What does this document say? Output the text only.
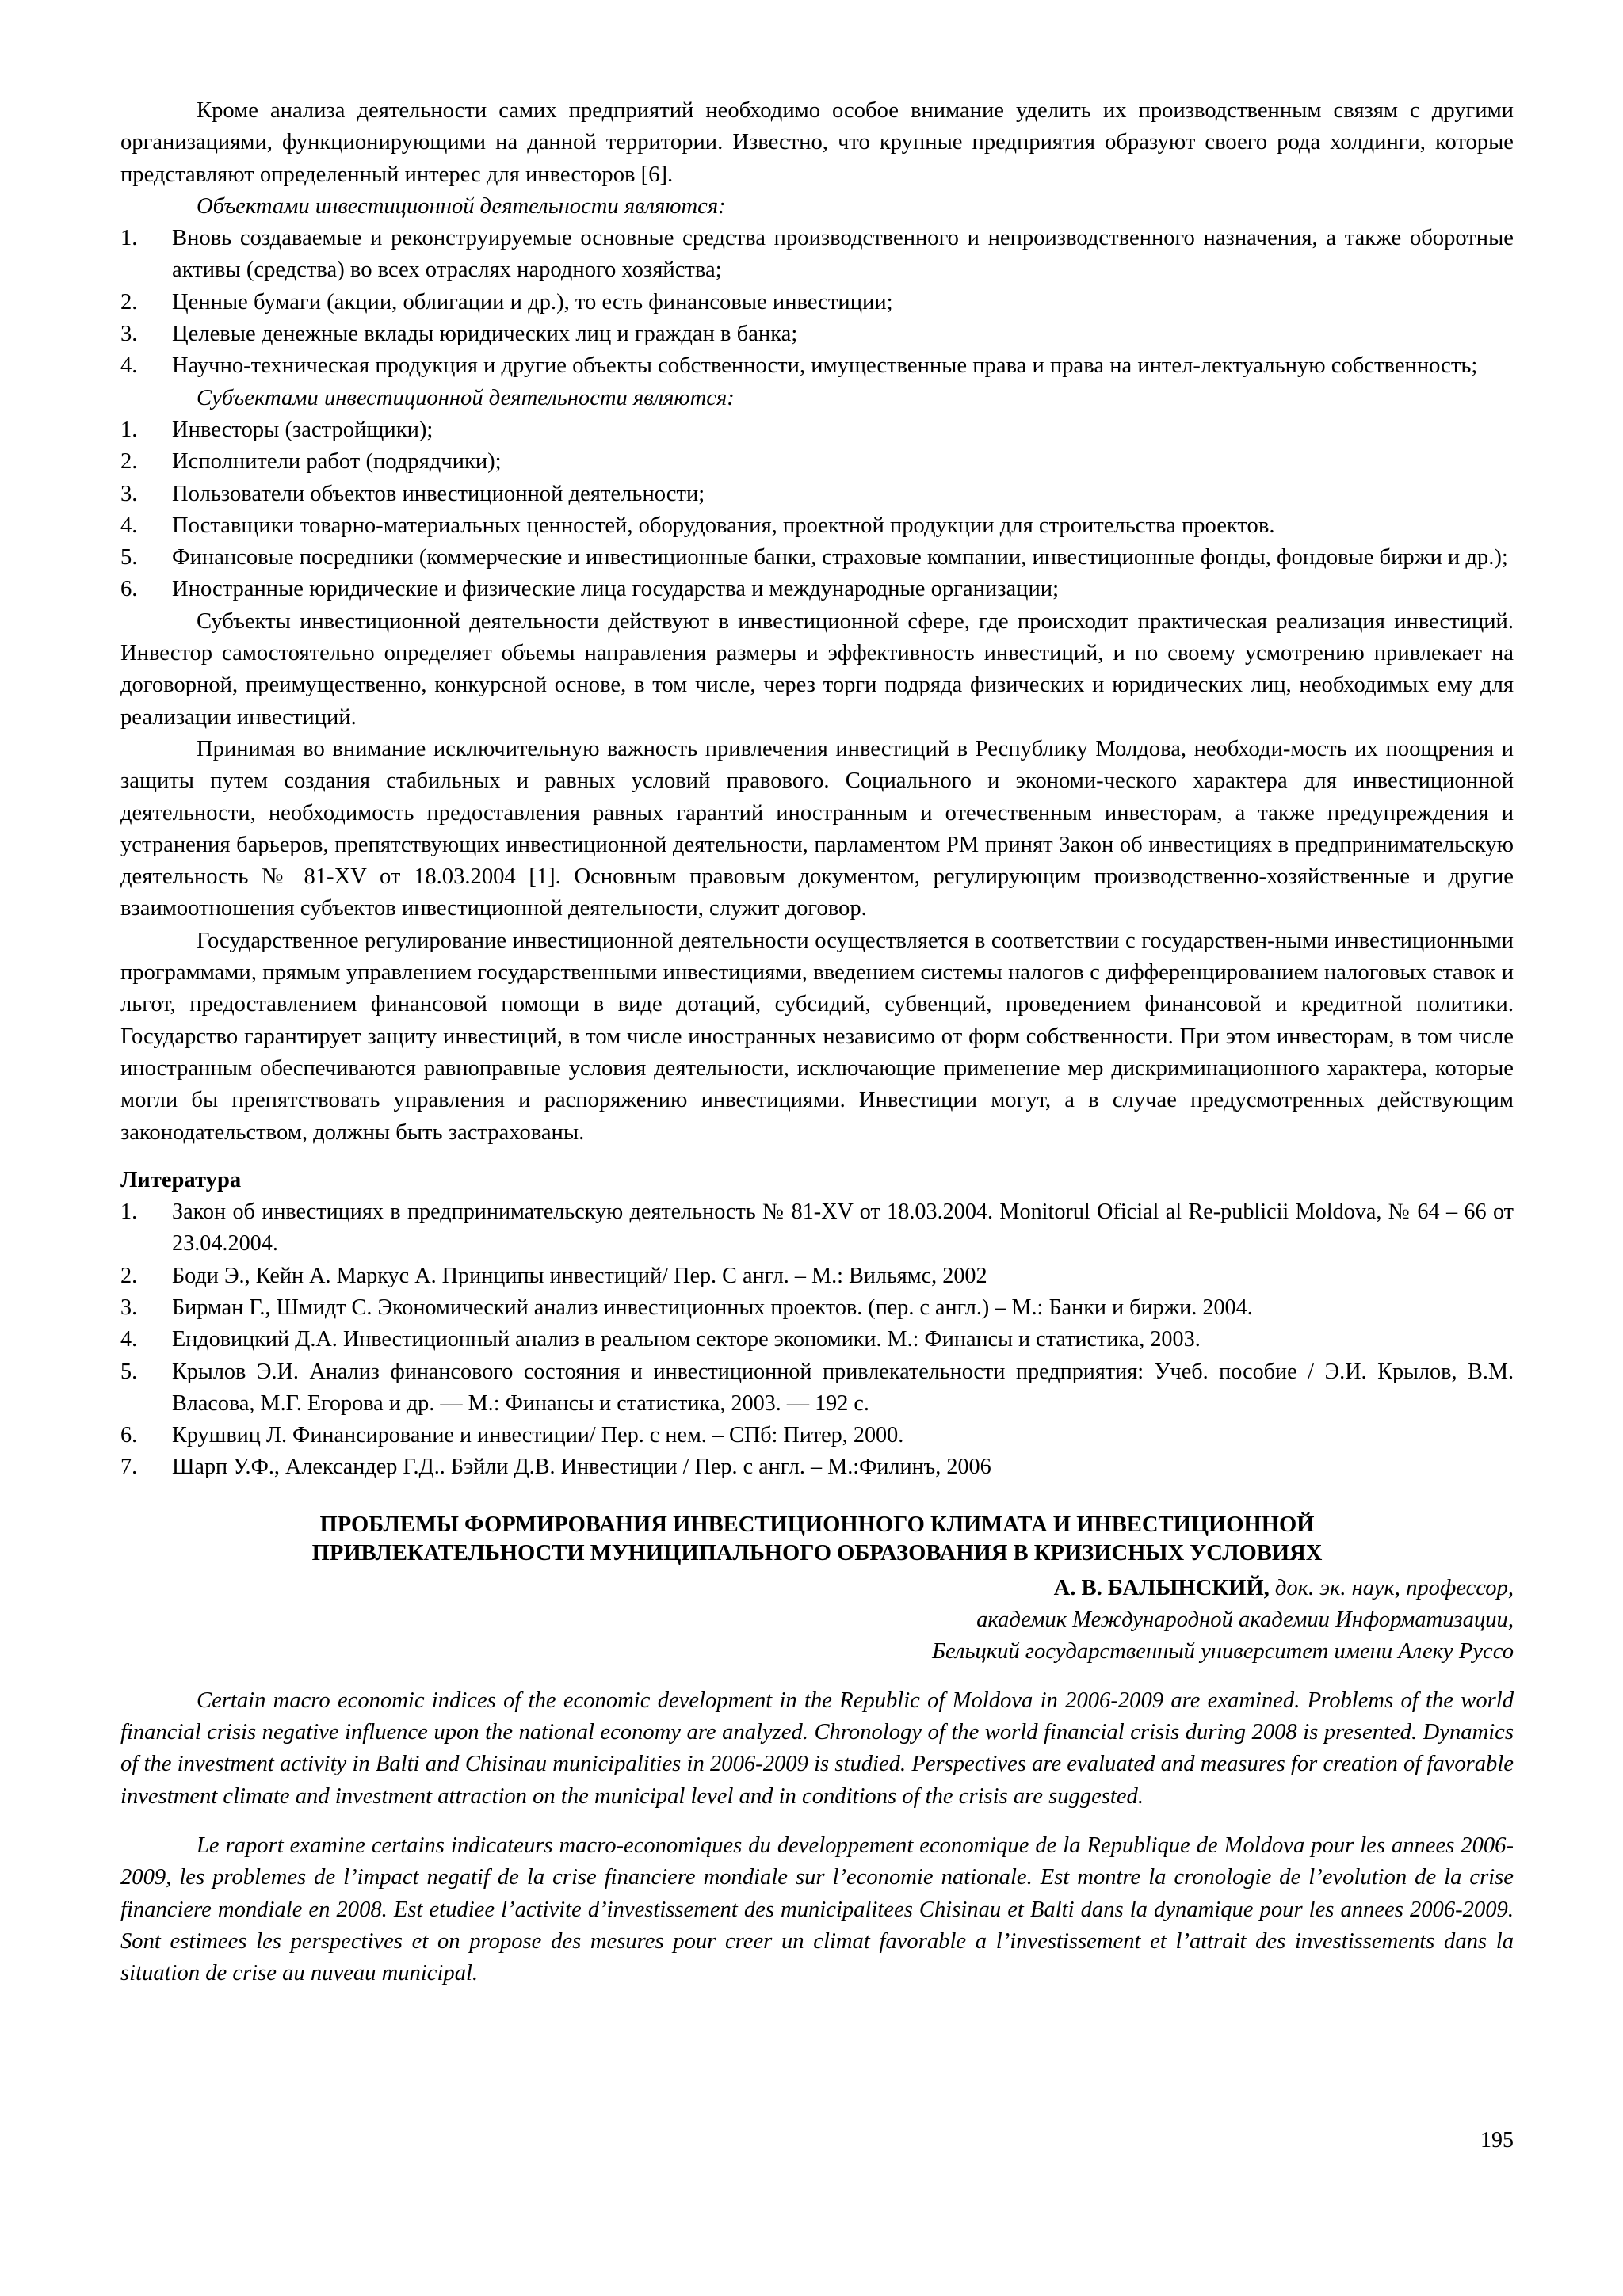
Кроме анализа деятельности самих предприятий необходимо особое внимание уделить их производственным связям с другими организациями, функционирующими на данной территории. Известно, что крупные предприятия образуют своего рода холдинги, которые представляют определенный интерес для инвесторов [6].

Объектами инвестиционной деятельности являются:
1. Вновь создаваемые и реконструируемые основные средства производственного и непроизводственного назначения, а также оборотные активы (средства) во всех отраслях народного хозяйства;
2. Ценные бумаги (акции, облигации и др.), то есть финансовые инвестиции;
3. Целевые денежные вклады юридических лиц и граждан в банка;
4. Научно-техническая продукция и другие объекты собственности, имущественные права и права на интел-лектуальную собственность;
Субъектами инвестиционной деятельности являются:
1. Инвесторы (застройщики);
2. Исполнители работ (подрядчики);
3. Пользователи объектов инвестиционной деятельности;
4. Поставщики товарно-материальных ценностей, оборудования, проектной продукции для строительства проектов.
5. Финансовые посредники (коммерческие и инвестиционные банки, страховые компании, инвестиционные фонды, фондовые биржи и др.);
6. Иностранные юридические и физические лица государства и международные организации;

Субъекты инвестиционной деятельности действуют в инвестиционной сфере, где происходит практическая реализация инвестиций. Инвестор самостоятельно определяет объемы направления размеры и эффективность инвестиций, и по своему усмотрению привлекает на договорной, преимущественно, конкурсной основе, в том числе, через торги подряда физических и юридических лиц, необходимых ему для реализации инвестиций.

Принимая во внимание исключительную важность привлечения инвестиций в Республику Молдова, необходи-мость их поощрения и защиты путем создания стабильных и равных условий правового. Социального и экономи-ческого характера для инвестиционной деятельности, необходимость предоставления равных гарантий иностранным и отечественным инвесторам, а также предупреждения и устранения барьеров, препятствующих инвестиционной деятельности, парламентом РМ принят Закон об инвестициях в предпринимательскую деятельность № 81-XV от 18.03.2004 [1]. Основным правовым документом, регулирующим производственно-хозяйственные и другие взаимоотношения субъектов инвестиционной деятельности, служит договор.

Государственное регулирование инвестиционной деятельности осуществляется в соответствии с государствен-ными инвестиционными программами, прямым управлением государственными инвестициями, введением системы налогов с дифференцированием налоговых ставок и льгот, предоставлением финансовой помощи в виде дотаций, субсидий, субвенций, проведением финансовой и кредитной политики. Государство гарантирует защиту инвестиций, в том числе иностранных независимо от форм собственности. При этом инвесторам, в том числе иностранным обеспечиваются равноправные условия деятельности, исключающие применение мер дискриминационного характера, которые могли бы препятствовать управления и распоряжению инвестициями. Инвестиции могут, а в случае предусмотренных действующим законодательством, должны быть застрахованы.

Литература
1. Закон об инвестициях в предпринимательскую деятельность № 81-XV от 18.03.2004. Monitorul Oficial al Re-publicii Moldova, № 64 – 66 от 23.04.2004.
2. Боди Э., Кейн А. Маркус А. Принципы инвестиций/ Пер. С англ. – М.: Вильямс, 2002
3. Бирман Г., Шмидт С. Экономический анализ инвестиционных проектов. (пер. с англ.) – М.: Банки и биржи. 2004.
4. Ендовицкий Д.А. Инвестиционный анализ в реальном секторе экономики. М.: Финансы и статистика, 2003.
5. Крылов Э.И. Анализ финансового состояния и инвестиционной привлекательности предприятия: Учеб. пособие / Э.И. Крылов, В.М. Власова, М.Г. Егорова и др. — М.: Финансы и статистика, 2003. — 192 с.
6. Крушвиц Л. Финансирование и инвестиции/ Пер. с нем. – СПб: Питер, 2000.
7. Шарп У.Ф., Александер Г.Д.. Бэйли Д.В. Инвестиции / Пер. с англ. – М.:Филинъ, 2006
ПРОБЛЕМЫ ФОРМИРОВАНИЯ ИНВЕСТИЦИОННОГО КЛИМАТА И ИНВЕСТИЦИОННОЙ
ПРИВЛЕКАТЕЛЬНОСТИ МУНИЦИПАЛЬНОГО ОБРАЗОВАНИЯ В КРИЗИСНЫХ УСЛОВИЯХ
А. В. БАЛЫНСКИЙ, док. эк. наук, профессор,
академик Международной академии Информатизации,
Бельцкий государственный университет имени Алеку Руссо

Certain macro economic indices of the economic development in the Republic of Moldova in 2006-2009 are examined. Problems of the world financial crisis negative influence upon the national economy are analyzed. Chronology of the world financial crisis during 2008 is presented. Dynamics of the investment activity in Balti and Chisinau municipalities in 2006-2009 is studied. Perspectives are evaluated and measures for creation of favorable investment climate and investment attraction on the municipal level and in conditions of the crisis are suggested.

Le raport examine certains indicateurs macro-economiques du developpement economique de la Republique de Moldova pour les annees 2006-2009, les problemes de l’impact negatif de la crise financiere mondiale sur l’economie nationale. Est montre la cronologie de l’evolution de la crise financiere mondiale en 2008. Est etudiee l’activite d’investissement des municipalitees Chisinau et Balti dans la dynamique pour les annees 2006-2009. Sont estimees les perspectives et on propose des mesures pour creer un climat favorable a l’investissement et l’attrait des investissements dans la situation de crise au nuveau municipal.

195
